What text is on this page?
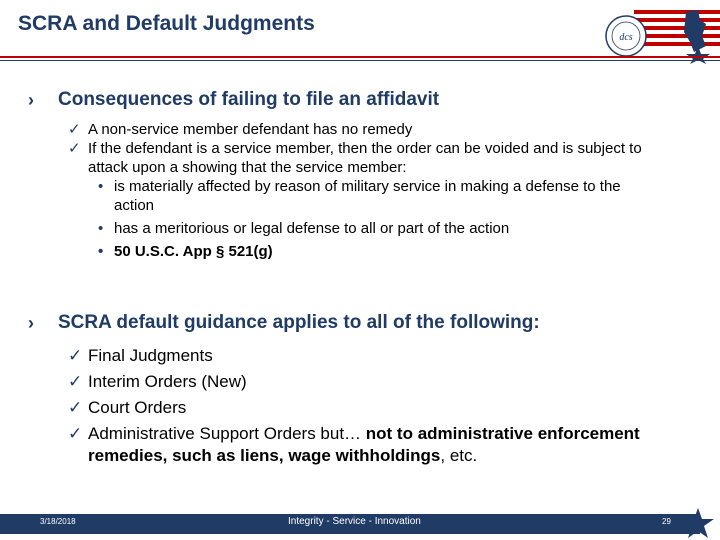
SCRA and Default Judgments
dcs
›	Consequences of failing to file an affidavit
✓ A non-service member defendant has no remedy
✓ If the defendant is a service member, then the order can be voided and is subject to attack upon a showing that the service member:
• is materially affected by reason of military service in making a defense to the action
• has a meritorious or legal defense to all or part of the action
• 50 U.S.C. App § 521(g)
›	SCRA default guidance applies to all of the following:
✓ Final Judgments
✓ Interim Orders (New)
✓ Court Orders
✓ Administrative Support Orders but… not to administrative enforcement remedies, such as liens, wage withholdings, etc.
3/18/2018	Integrity - Service - Innovation	29
